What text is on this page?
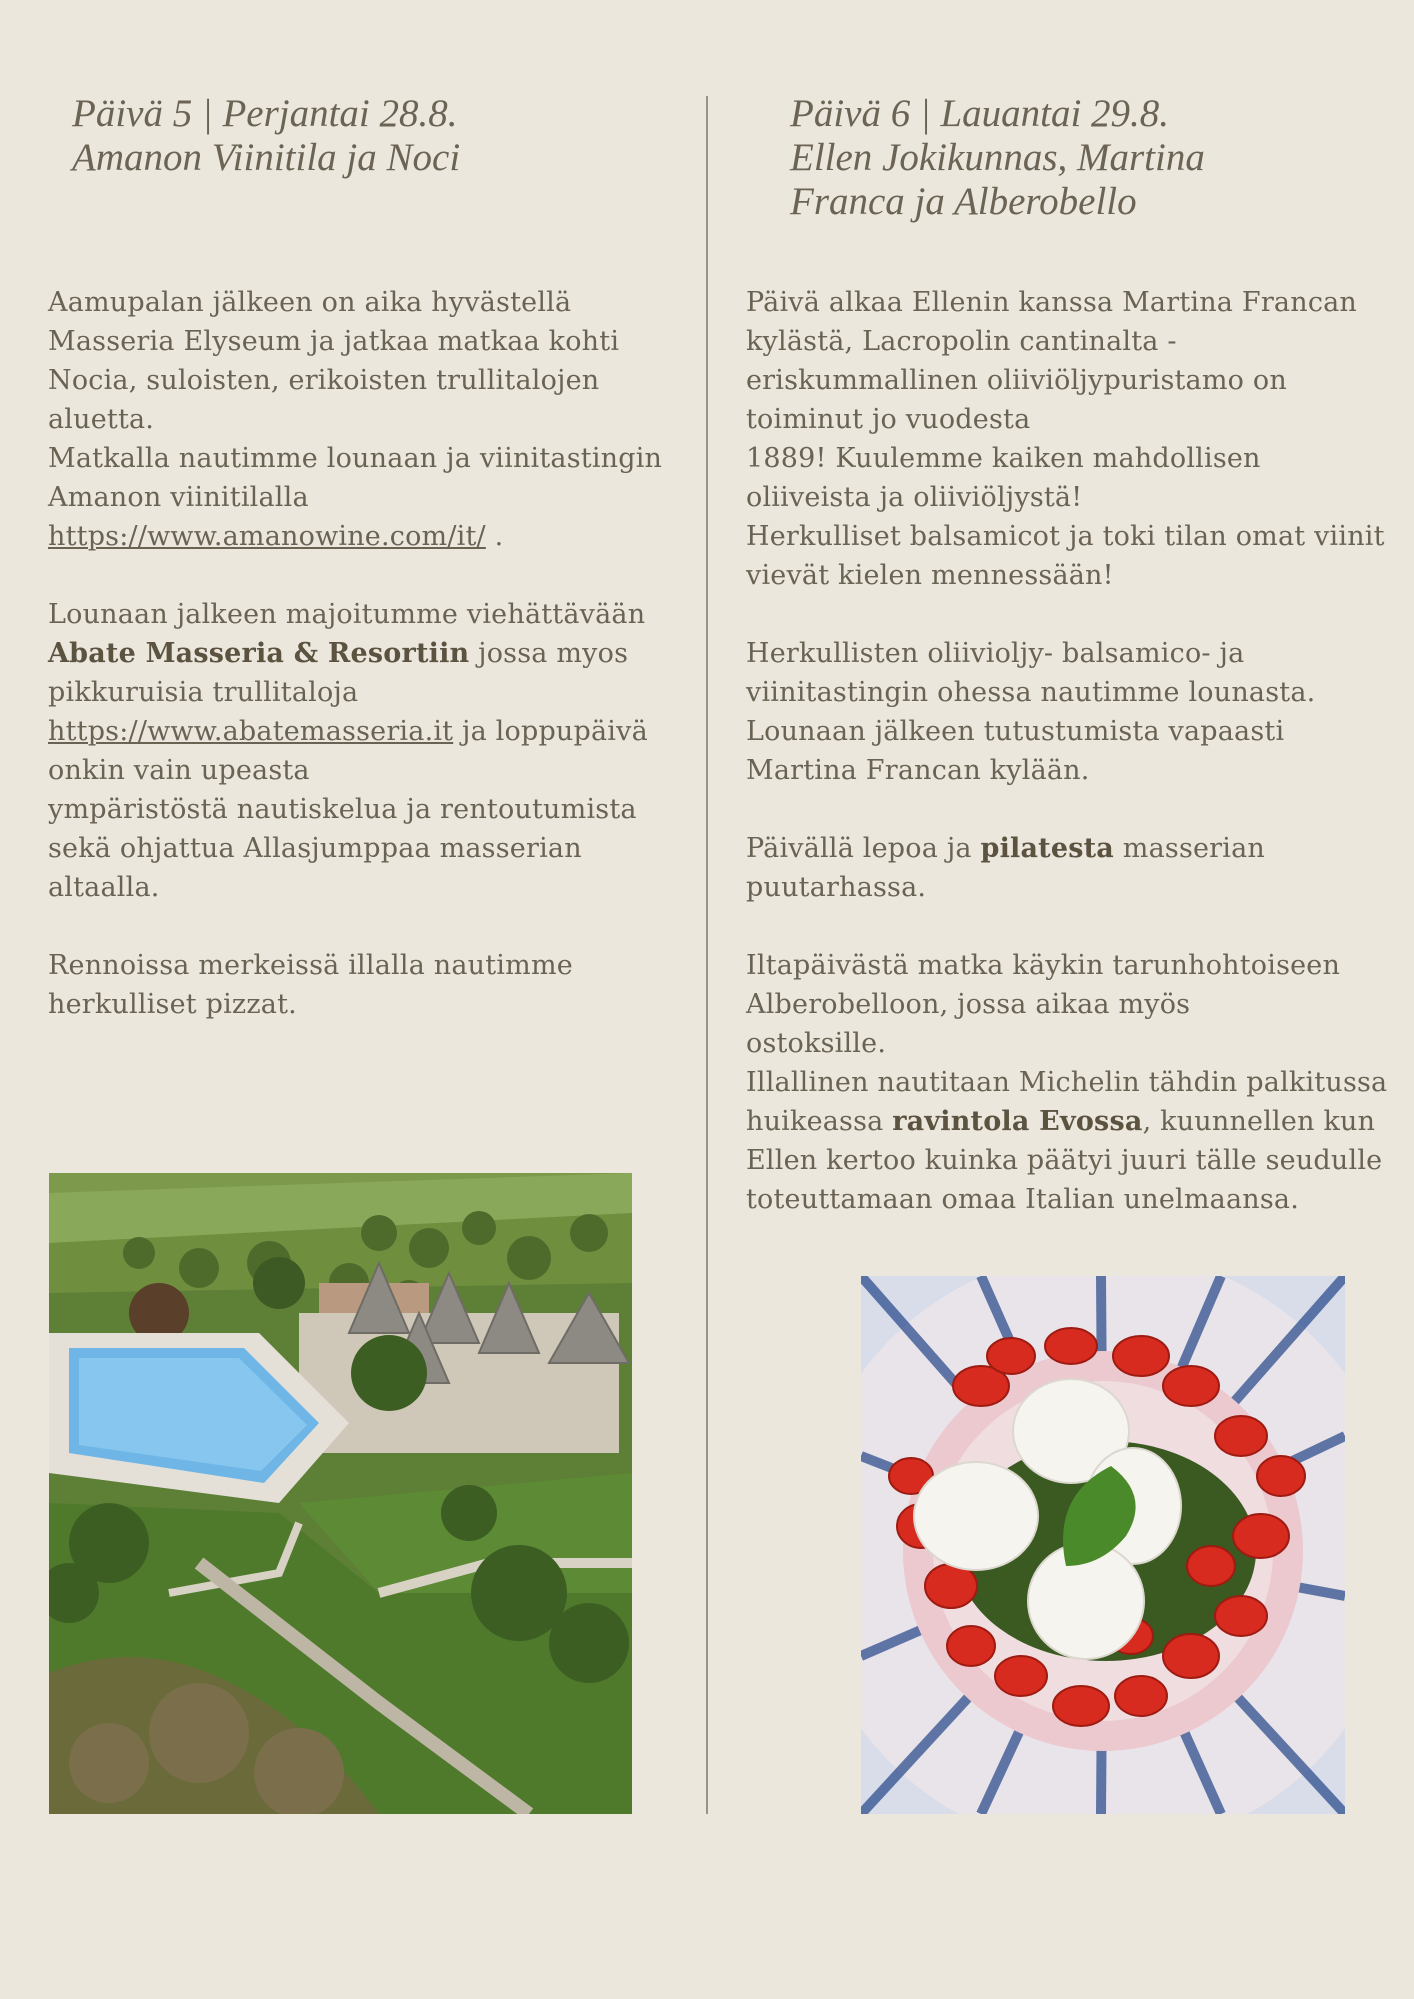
Päivä 5 | Perjantai 28.8.
Amanon Viinitila ja Noci
Päivä 6 | Lauantai 29.8.
Ellen Jokikunnas, Martina
Franca ja Alberobello

Aamupalan jälkeen on aika hyvästellä
Masseria Elyseum ja jatkaa matkaa kohti
Nocia, suloisten, erikoisten trullitalojen
aluetta.
Matkalla nautimme lounaan ja viinitastingin
Amanon viinitilalla
https://www.amanowine.com/it/ .

Lounaan jalkeen majoitumme viehättävään
Abate Masseria & Resortiin jossa myos
pikkuruisia trullitaloja
https://www.abatemasseria.it ja loppupäivä
onkin vain upeasta
ympäristöstä nautiskelua ja rentoutumista
sekä ohjattua Allasjumppaa masserian
altaalla.

Rennoissa merkeissä illalla nautimme
herkulliset pizzat.

Päivä alkaa Ellenin kanssa Martina Francan
kylästä, Lacropolin cantinalta -
eriskummallinen oliiviöljypuristamo on
toiminut jo vuodesta
1889! Kuulemme kaiken mahdollisen
oliiveista ja oliiviöljystä!
Herkulliset balsamicot ja toki tilan omat viinit
vievät kielen mennessään!

Herkullisten oliivioljy- balsamico- ja
viinitastingin ohessa nautimme lounasta.
Lounaan jälkeen tutustumista vapaasti
Martina Francan kylään.

Päivällä lepoa ja pilatesta masserian
puutarhassa.

Iltapäivästä matka käykin tarunhohtoiseen
Alberobelloon, jossa aikaa myös
ostoksille.
Illallinen nautitaan Michelin tähdin palkitussa
huikeassa ravintola Evossa, kuunnellen kun
Ellen kertoo kuinka päätyi juuri tälle seudulle
toteuttamaan omaa Italian unelmaansa.
